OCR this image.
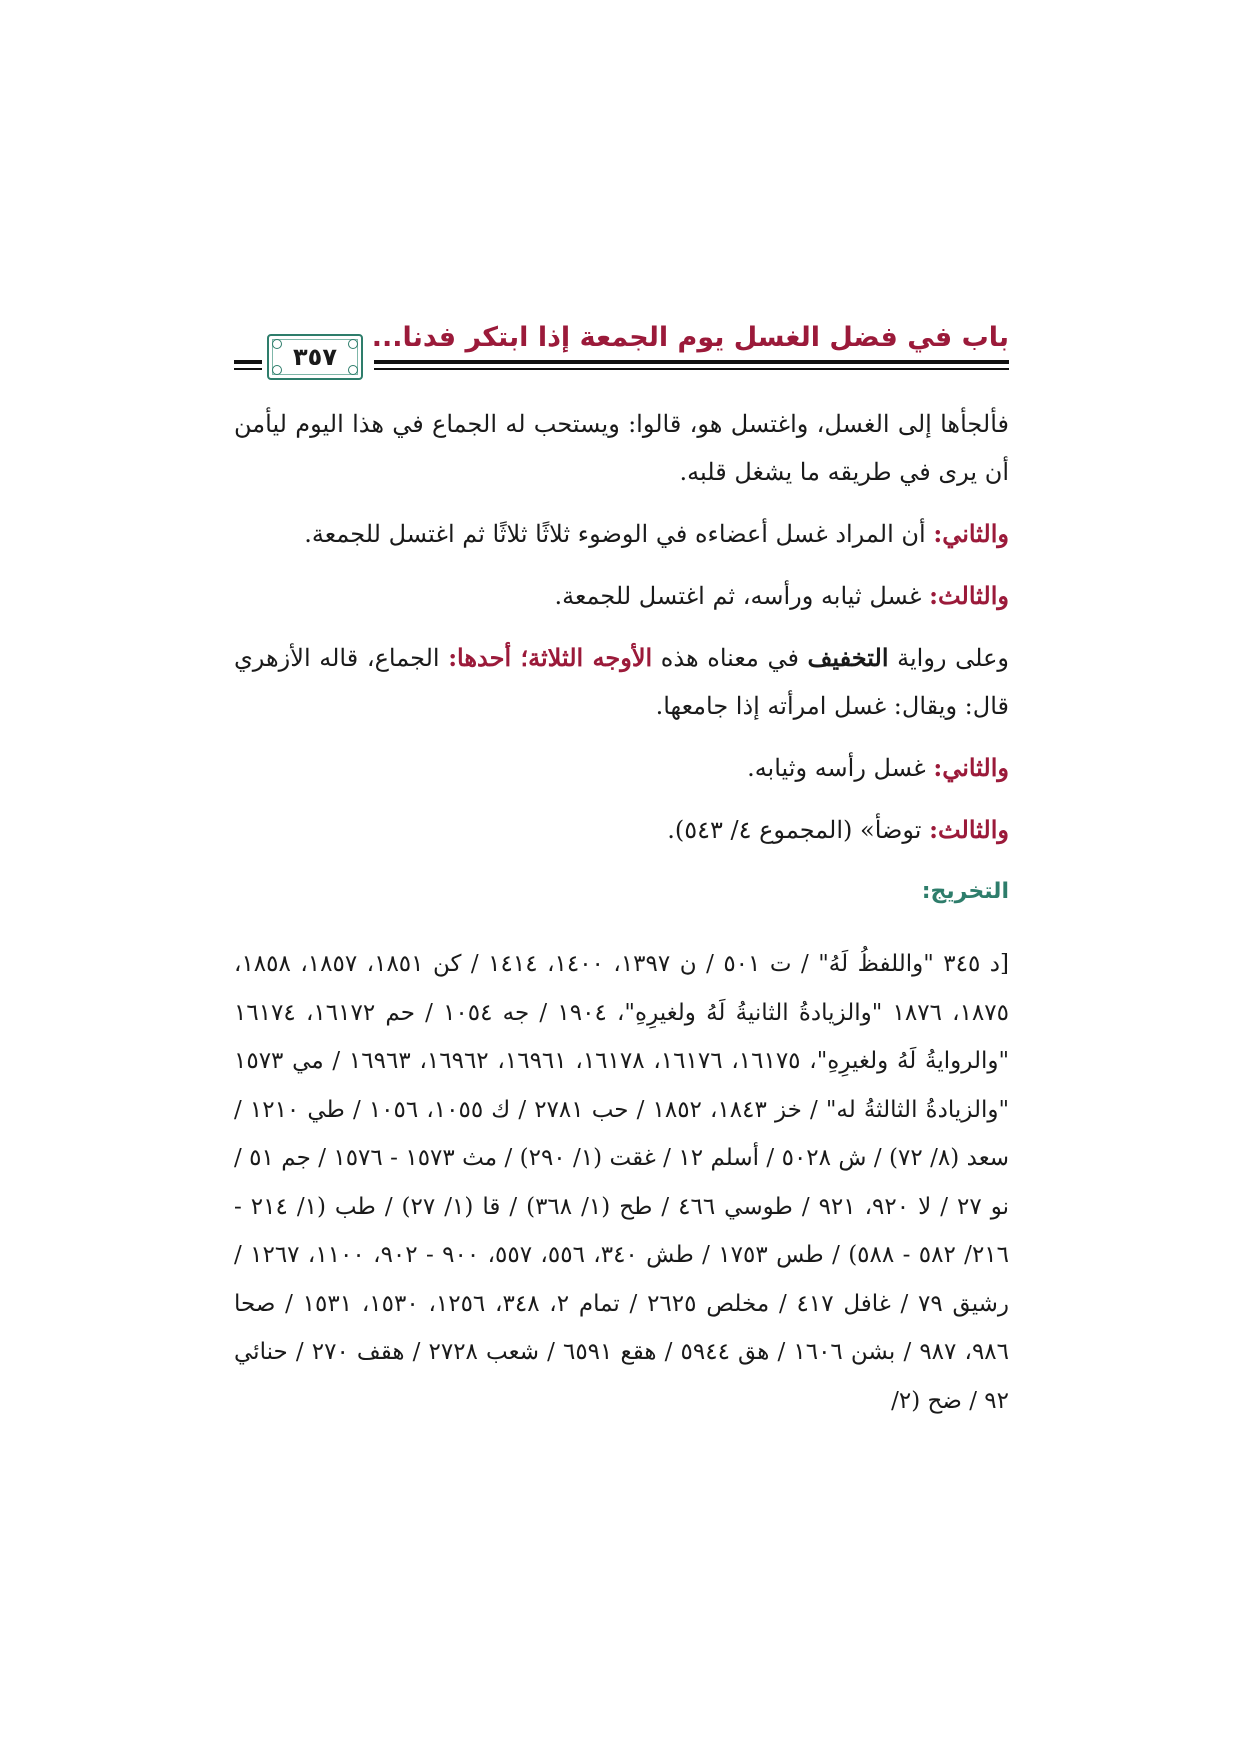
باب في فضل الغسل يوم الجمعة إذا ابتكر فدنا...
٣٥٧

فألجأها إلى الغسل، واغتسل هو، قالوا: ويستحب له الجماع في هذا اليوم ليأمن أن يرى في طريقه ما يشغل قلبه.

والثاني: أن المراد غسل أعضاءه في الوضوء ثلاثًا ثلاثًا ثم اغتسل للجمعة.

والثالث: غسل ثيابه ورأسه، ثم اغتسل للجمعة.

وعلى رواية التخفيف في معناه هذه الأوجه الثلاثة؛ أحدها: الجماع، قاله الأزهري قال: ويقال: غسل امرأته إذا جامعها.

والثاني: غسل رأسه وثيابه.

والثالث: توضأ» (المجموع ٤/ ٥٤٣).

التخريج:

[د ٣٤٥ "واللفظُ لَهُ" / ت ٥٠١ / ن ١٣٩٧، ١٤٠٠، ١٤١٤ / كن ١٨٥١، ١٨٥٧، ١٨٥٨، ١٨٧٥، ١٨٧٦ "والزيادةُ الثانيةُ لَهُ ولغيرِهِ"، ١٩٠٤ / جه ١٠٥٤ / حم ١٦١٧٢، ١٦١٧٤ "والروايةُ لَهُ ولغيرِهِ"، ١٦١٧٥، ١٦١٧٦، ١٦١٧٨، ١٦٩٦١، ١٦٩٦٢، ١٦٩٦٣ / مي ١٥٧٣ "والزيادةُ الثالثةُ له" / خز ١٨٤٣، ١٨٥٢ / حب ٢٧٨١ / ك ١٠٥٥، ١٠٥٦ / طي ١٢١٠ / سعد (٨/ ٧٢) / ش ٥٠٢٨ / أسلم ١٢ / غقت (١/ ٢٩٠) / مث ١٥٧٣ - ١٥٧٦ / جم ٥١ / نو ٢٧ / لا ٩٢٠، ٩٢١ / طوسي ٤٦٦ / طح (١/ ٣٦٨) / قا (١/ ٢٧) / طب (١/ ٢١٤ - ٢١٦/ ٥٨٢ - ٥٨٨) / طس ١٧٥٣ / طش ٣٤٠، ٥٥٦، ٥٥٧، ٩٠٠ - ٩٠٢، ١١٠٠، ١٢٦٧ / رشيق ٧٩ / غافل ٤١٧ / مخلص ٢٦٢٥ / تمام ٢، ٣٤٨، ١٢٥٦، ١٥٣٠، ١٥٣١ / صحا ٩٨٦، ٩٨٧ / بشن ١٦٠٦ / هق ٥٩٤٤ / هقع ٦٥٩١ / شعب ٢٧٢٨ / هقف ٢٧٠ / حنائي ٩٢ / ضح (٢/
